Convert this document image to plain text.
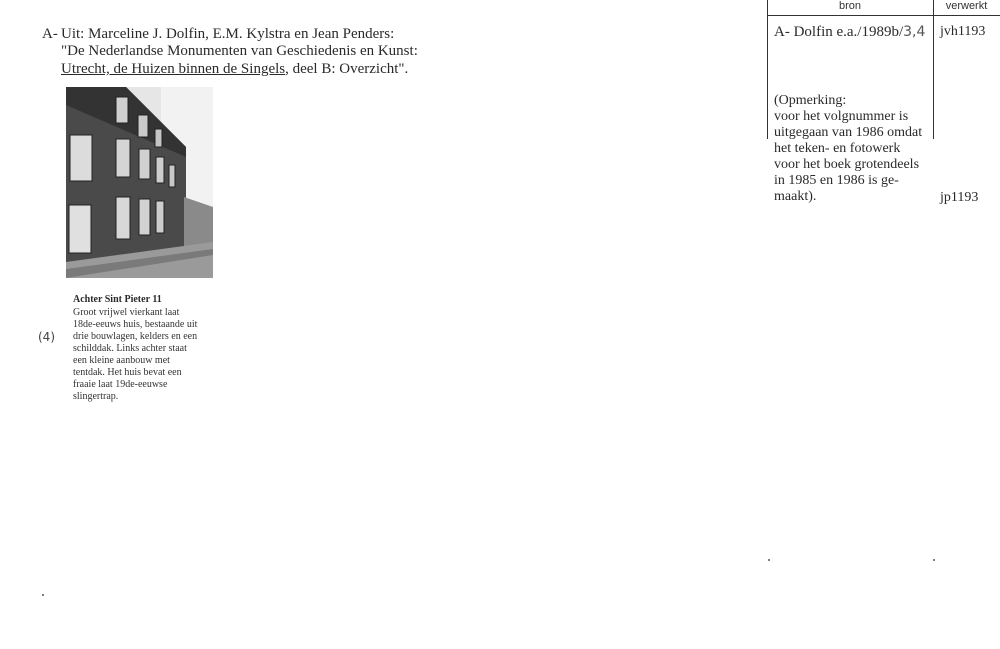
bron	verwerkt
A- Uit: Marceline J. Dolfin, E.M. Kylstra en Jean Penders:
"De Nederlandse Monumenten van Geschiedenis en Kunst:
Utrecht, de Huizen binnen de Singels, deel B: Overzicht".
A- Dolfin e.a./1989b/3,4 jvh1193
(Opmerking:
voor het volgnummer is
uitgegaan van 1986 omdat
het teken- en fotowerk
voor het boek grotendeels
in 1985 en 1986 is ge-
maakt).	jp1193
Achter Sint Pieter 11
Groot vrijwel vierkant laat
18de-eeuws huis, bestaande uit
drie bouwlagen, kelders en een
schilddak. Links achter staat
een kleine aanbouw met
tentdak. Het huis bevat een
fraaie laat 19de-eeuwse
slingertrap.
(4)
